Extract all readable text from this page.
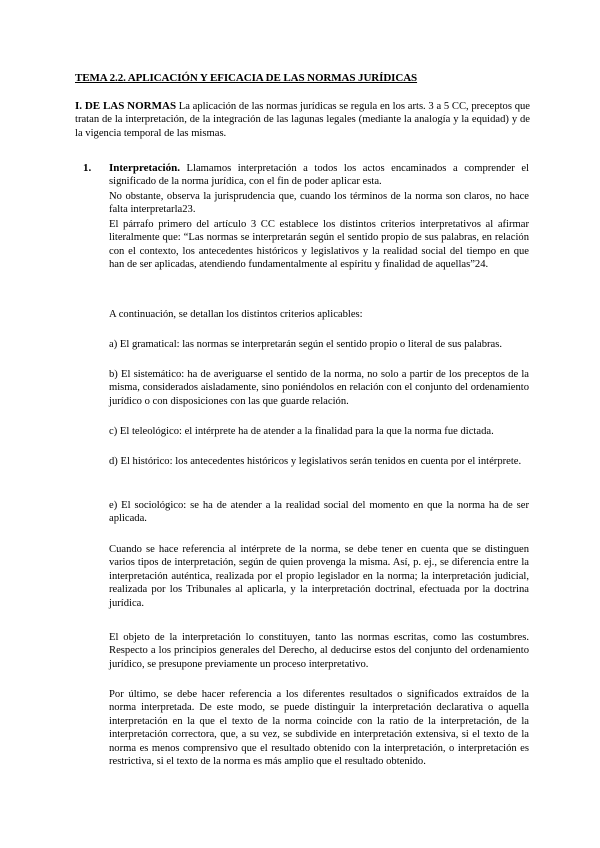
TEMA 2.2. APLICACIÓN Y EFICACIA DE LAS NORMAS JURÍDICAS

I. DE LAS NORMAS La aplicación de las normas jurídicas se regula en los arts. 3 a 5 CC, preceptos que tratan de la interpretación, de la integración de las lagunas legales (mediante la analogía y la equidad) y de la vigencia temporal de las mismas.

1. Interpretación. Llamamos interpretación a todos los actos encaminados a comprender el significado de la norma jurídica, con el fin de poder aplicar esta.

No obstante, observa la jurisprudencia que, cuando los términos de la norma son claros, no hace falta interpretarla23.

El párrafo primero del artículo 3 CC establece los distintos criterios interpretativos al afirmar literalmente que: “Las normas se interpretarán según el sentido propio de sus palabras, en relación con el contexto, los antecedentes históricos y legislativos y la realidad social del tiempo en que han de ser aplicadas, atendiendo fundamentalmente al espíritu y finalidad de aquellas”24.

A continuación, se detallan los distintos criterios aplicables:

a) El gramatical: las normas se interpretarán según el sentido propio o literal de sus palabras.

b) El sistemático: ha de averiguarse el sentido de la norma, no solo a partir de los preceptos de la misma, considerados aisladamente, sino poniéndolos en relación con el conjunto del ordenamiento jurídico o con disposiciones con las que guarde relación.

c) El teleológico: el intérprete ha de atender a la finalidad para la que la norma fue dictada.

d) El histórico: los antecedentes históricos y legislativos serán tenidos en cuenta por el intérprete.

e) El sociológico: se ha de atender a la realidad social del momento en que la norma ha de ser aplicada.

Cuando se hace referencia al intérprete de la norma, se debe tener en cuenta que se distinguen varios tipos de interpretación, según de quien provenga la misma. Así, p. ej., se diferencia entre la interpretación auténtica, realizada por el propio legislador en la norma; la interpretación judicial, realizada por los Tribunales al aplicarla, y la interpretación doctrinal, efectuada por la doctrina jurídica.

El objeto de la interpretación lo constituyen, tanto las normas escritas, como las costumbres. Respecto a los principios generales del Derecho, al deducirse estos del conjunto del ordenamiento jurídico, se presupone previamente un proceso interpretativo.

Por último, se debe hacer referencia a los diferentes resultados o significados extraídos de la norma interpretada. De este modo, se puede distinguir la interpretación declarativa o aquella interpretación en la que el texto de la norma coincide con la ratio de la interpretación, de la interpretación correctora, que, a su vez, se subdivide en interpretación extensiva, si el texto de la norma es menos comprensivo que el resultado obtenido con la interpretación, o interpretación es restrictiva, si el texto de la norma es más amplio que el resultado obtenido.
